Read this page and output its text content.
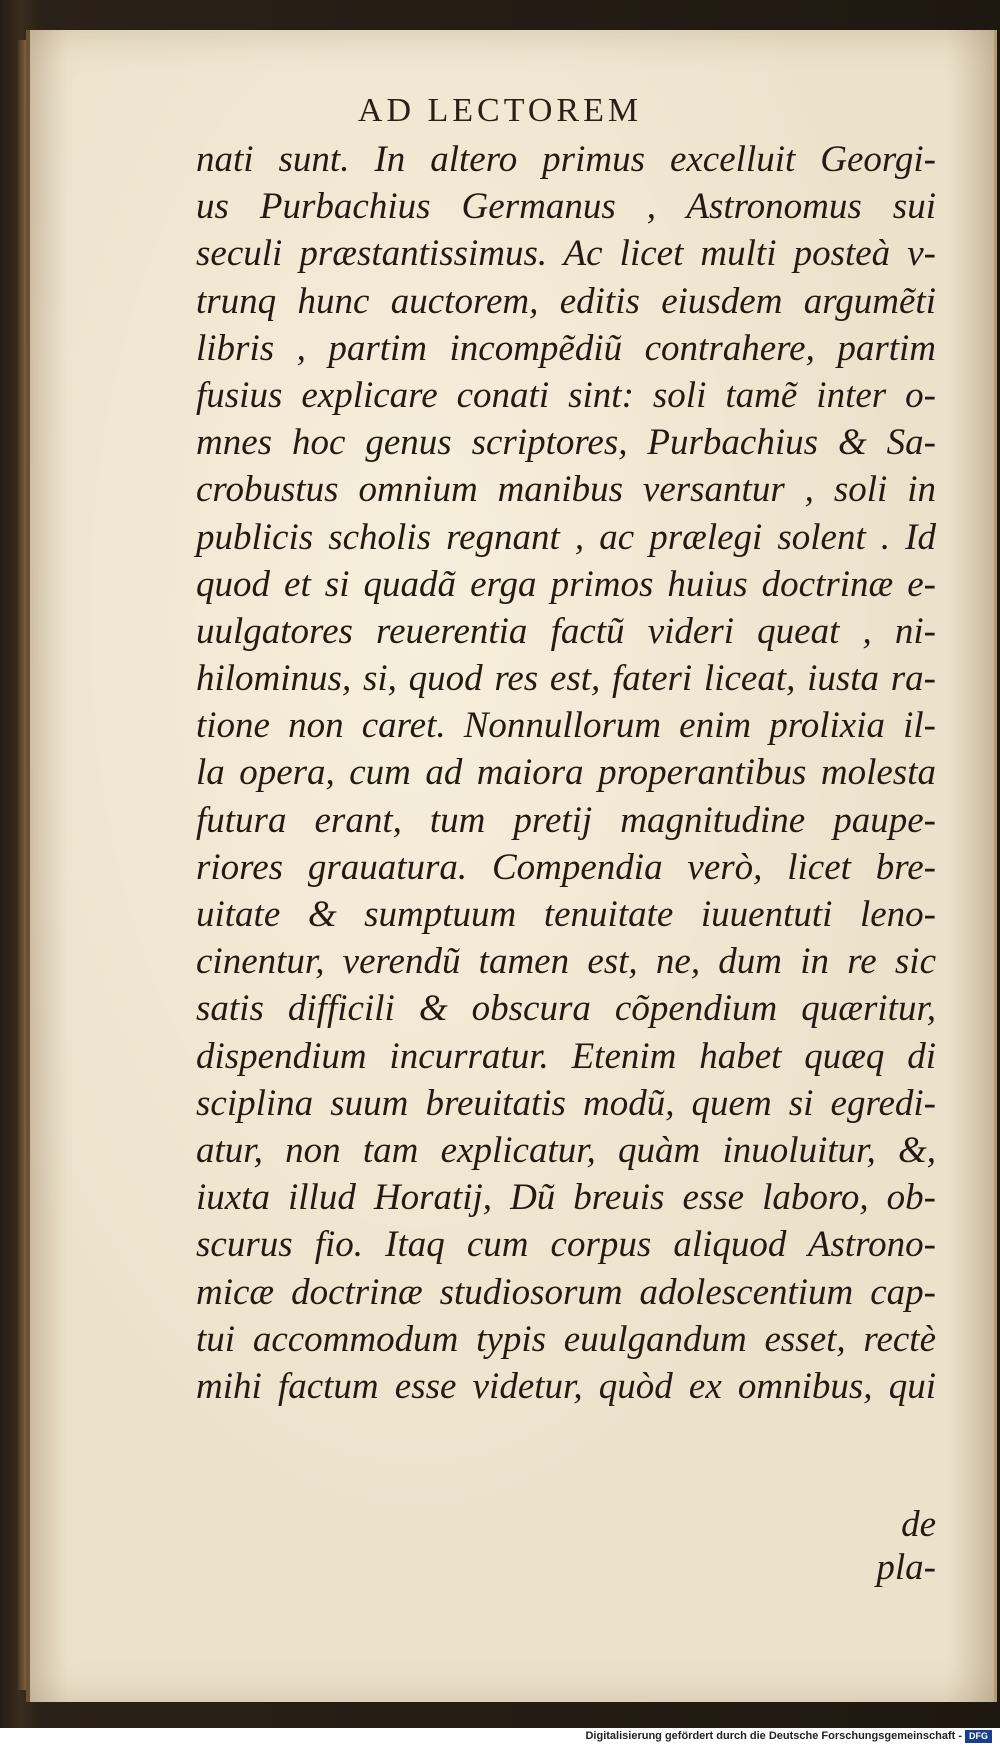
AD LECTOREM
nati sunt. In altero primus excelluit Georgi-
us Purbachius Germanus , Astronomus sui
seculi præstantissimus. Ac licet multi posteà v-
trunq hunc auctorem, editis eiusdem argumẽti
libris , partim incompẽdiũ contrahere, partim
fusius explicare conati sint: soli tamẽ inter o-
mnes hoc genus scriptores, Purbachius & Sa-
crobustus omnium manibus versantur , soli in
publicis scholis regnant , ac prælegi solent . Id
quod et si quadã erga primos huius doctrinæ e-
uulgatores reuerentia factũ videri queat , ni-
hilominus, si, quod res est, fateri liceat, iusta ra-
tione non caret. Nonnullorum enim prolixia il-
la opera, cum ad maiora properantibus molesta
futura erant, tum pretij magnitudine paupe-
riores grauatura. Compendia verò, licet bre-
uitate & sumptuum tenuitate iuuentuti leno-
cinentur, verendũ tamen est, ne, dum in re sic
satis difficili & obscura cõpendium quæritur,
dispendium incurratur. Etenim habet quæq di
sciplina suum breuitatis modũ, quem si egredi-
atur, non tam explicatur, quàm inuoluitur, &,
iuxta illud Horatij, Dũ breuis esse laboro, ob-
scurus fio. Itaq cum corpus aliquod Astrono-
micæ doctrinæ studiosorum adolescentium cap-
tui accommodum typis euulgandum esset, rectè
mihi factum esse videtur, quòd ex omnibus, qui
de pla-
Digitalisierung gefördert durch die Deutsche Forschungsgemeinschaft - DFG
